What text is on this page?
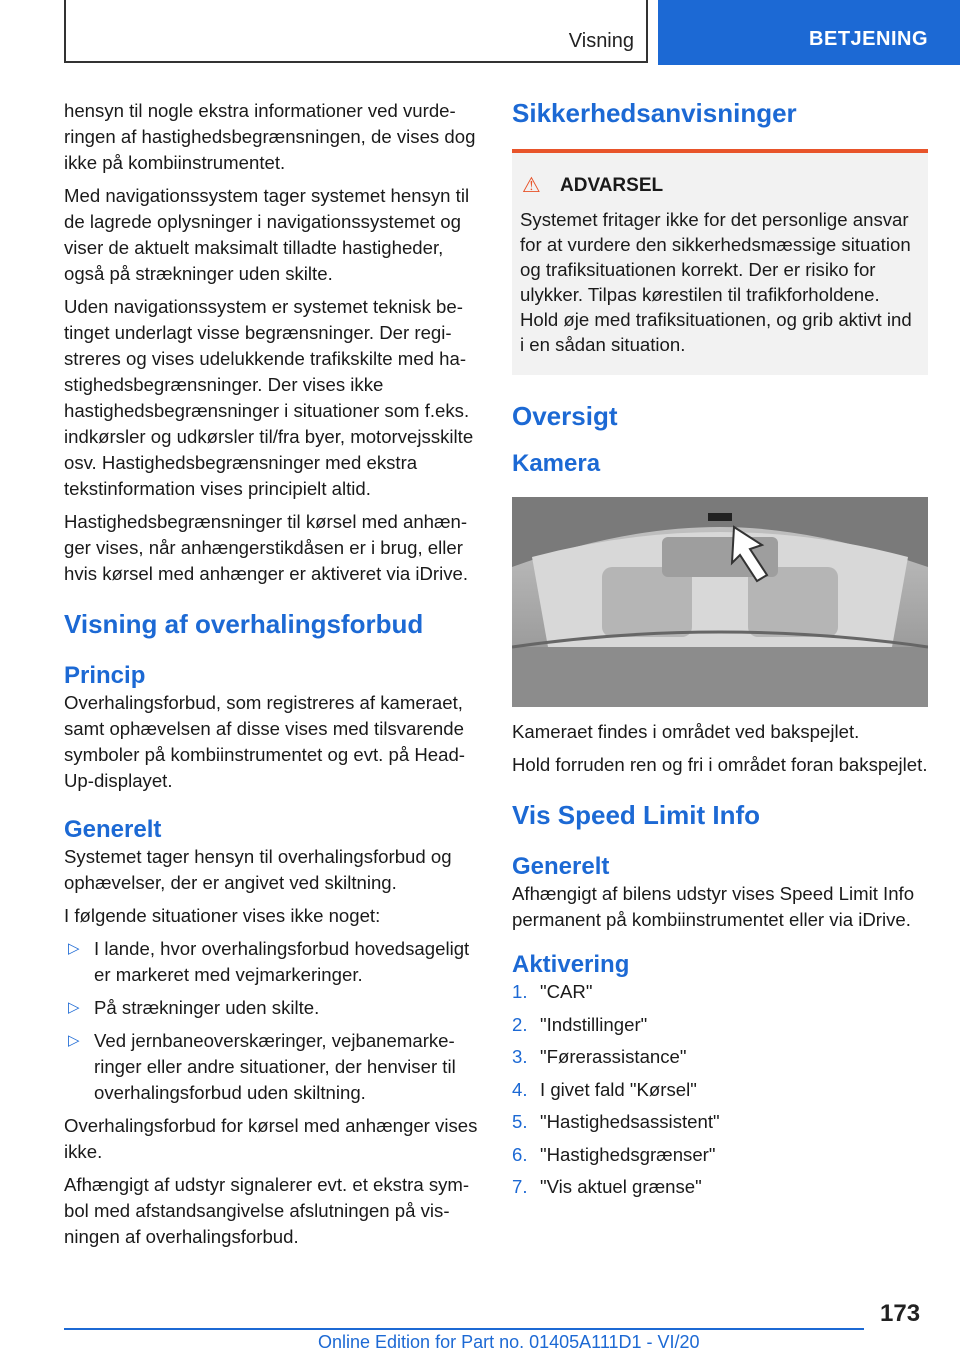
Visning	BETJENING

hensyn til nogle ekstra informationer ved vurderingen af hastighedsbegrænsningen, de vises dog ikke på kombiinstrumentet.

Med navigationssystem tager systemet hensyn til de lagrede oplysninger i navigationssystemet og viser de aktuelt maksimalt tilladte hastigheder, også på strækninger uden skilte.

Uden navigationssystem er systemet teknisk betinget underlagt visse begrænsninger. Der registreres og vises udelukkende trafikskilte med hastighedsbegrænsninger. Der vises ikke hastighedsbegrænsninger i situationer som f.eks. indkørsler og udkørsler til/fra byer, motorvejsskilte osv. Hastighedsbegrænsninger med ekstra tekstinformation vises principielt altid.

Hastighedsbegrænsninger til kørsel med anhænger vises, når anhængerstikdåsen er i brug, eller hvis kørsel med anhænger er aktiveret via iDrive.

Visning af overhalingsforbud
Princip

Overhalingsforbud, som registreres af kameraet, samt ophævelsen af disse vises med tilsvarende symboler på kombiinstrumentet og evt. på Head-Up-displayet.

Generelt

Systemet tager hensyn til overhalingsforbud og ophævelser, der er angivet ved skiltning.

I følgende situationer vises ikke noget:

▷ I lande, hvor overhalingsforbud hovedsageligt er markeret med vejmarkeringer.
▷ På strækninger uden skilte.
▷ Ved jernbaneoverskæringer, vejbanemarkeringer eller andre situationer, der henviser til overhalingsforbud uden skiltning.

Overhalingsforbud for kørsel med anhænger vises ikke.

Afhængigt af udstyr signalerer evt. et ekstra symbol med afstandsangivelse afslutningen på visningen af overhalingsforbud.

Sikkerhedsanvisninger
⚠ ADVARSEL

Systemet fritager ikke for det personlige ansvar for at vurdere den sikkerhedsmæssige situation og trafiksituationen korrekt. Der er risiko for ulykker. Tilpas kørestilen til trafikforholdene. Hold øje med trafiksituationen, og grib aktivt ind i en sådan situation.

Oversigt
Kamera

Kameraet findes i området ved bakspejlet.

Hold forruden ren og fri i området foran bakspejlet.

Vis Speed Limit Info
Generelt

Afhængigt af bilens udstyr vises Speed Limit Info permanent på kombiinstrumentet eller via iDrive.

Aktivering
1. "CAR"
2. "Indstillinger"
3. "Førerassistance"
4. I givet fald "Kørsel"
5. "Hastighedsassistent"
6. "Hastighedsgrænser"
7. "Vis aktuel grænse"
173
Online Edition for Part no. 01405A111D1 - VI/20
